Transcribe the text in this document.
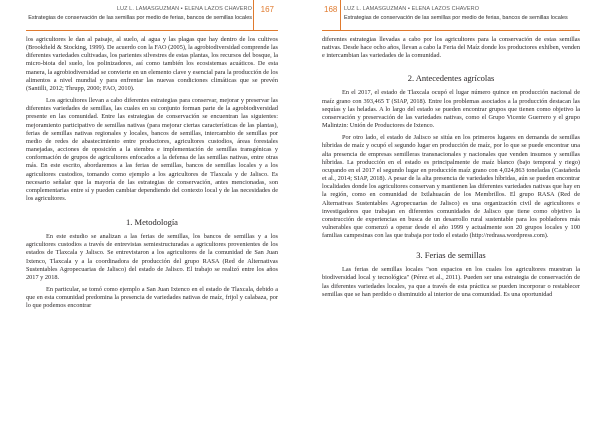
LUZ L. LAMASGUZMAN ▪ ELENA LAZOS CHAVERO
Estrategias de conservación de las semillas por medio de ferias, bancos de semillas locales
167

los agricultores le dan al paisaje, al suelo, al agua y las plagas que hay dentro de los cultivos (Brookfield & Stocking, 1999). De acuerdo con la FAO (2005), la agrobiodiversidad comprende las diferentes variedades cultivadas, los parientes silvestres de estas plantas, los recursos del bosque, la micro-biota del suelo, los polinizadores, así como también los ecosistemas acuáticos. De esta manera, la agrobiodiversidad se convierte en un elemento clave y esencial para la producción de los alimentos a nivel mundial y para enfrentar las nuevas condiciones climáticas que se prevén (Santilli, 2012; Thrupp, 2000; FAO, 2010).

Los agricultores llevan a cabo diferentes estrategias para conservar, mejorar y preservar las diferentes variedades de semillas, las cuales en su conjunto forman parte de la agrobiodiversidad presente en las comunidad. Entre las estrategias de conservación se encuentran las siguientes: mejoramiento participativo de semillas nativas (para mejorar ciertas características de las plantas), ferias de semillas nativas regionales y locales, bancos de semillas, intercambio de semillas por medio de redes de abastecimiento entre productores, agricultores custodios, áreas forestales manejadas, acciones de oposición a la siembra e implementación de semillas transgénicas y conformación de grupos de agricultores enfocados a la defensa de las semillas nativas, entre otras más. En este escrito, abordaremos a las ferias de semillas, bancos de semillas locales y a los agricultores custodios, tomando como ejemplo a los agricultores de Tlaxcala y de Jalisco. Es necesario señalar que la mayoría de las estrategias de conservación, antes mencionadas, son complementarias entre sí y pueden cambiar dependiendo del contexto local y de las necesidades de los agricultores.

1. Metodología

En este estudio se analizan a las ferias de semillas, los bancos de semillas y a los agricultores custodios a través de entrevistas semiestructuradas a agricultores provenientes de los estados de Tlaxcala y Jalisco. Se entrevistaron a los agricultores de la comunidad de San Juan Ixtenco, Tlaxcala y a la coordinadora de producción del grupo RASA (Red de Alternativas Sustentables Agropecuarias de Jalisco) del estado de Jalisco. El trabajo se realizó entre los años 2017 y 2018.

En particular, se tomó como ejemplo a San Juan Ixtenco en el estado de Tlaxcala, debido a que en esta comunidad predomina la presencia de variedades nativas de maíz, frijol y calabaza, por lo que podemos encontrar

168 LUZ L. LAMASGUZMAN ▪ ELENA LAZOS CHAVERO
Estrategias de conservación de las semillas por medio de ferias, bancos de semillas locales

diferentes estrategias llevadas a cabo por los agricultores para la conservación de estas semillas nativas. Desde hace ocho años, llevan a cabo la Feria del Maíz donde los productores exhiben, venden e intercambian las variedades de la comunidad.

2. Antecedentes agrícolas

En el 2017, el estado de Tlaxcala ocupó el lugar número quince en producción nacional de maíz grano con 393,465 T (SIAP, 2018). Entre los problemas asociados a la producción destacan las sequías y las heladas. A lo largo del estado se pueden encontrar grupos que tienen como objetivo la conservación y preservación de las variedades nativas, como el Grupo Vicente Guerrero y el grupo Malintzin: Unión de Productores de Ixtenco.

Por otro lado, el estado de Jalisco se sitúa en los primeros lugares en demanda de semillas híbridas de maíz y ocupó el segundo lugar en producción de maíz, por lo que se puede encontrar una alta presencia de empresas semilleras transnacionales y nacionales que venden insumos y semillas híbridas. La producción en el estado es principalmente de maíz blanco (bajo temporal y riego) ocupando en el 2017 el segundo lugar en producción maíz grano con 4,024,863 toneladas (Castañeda et al., 2014; SIAP, 2018). A pesar de la alta presencia de variedades híbridas, aún se pueden encontrar localidades donde los agricultores conservan y mantienen las diferentes variedades nativas que hay en la región, como en comunidad de Ixtlahuacán de los Membrillos. El grupo RASA (Red de Alternativas Sustentables Agropecuarias de Jalisco) es una organización civil de agricultores e investigadores que trabajan en diferentes comunidades de Jalisco que tiene como objetivo la construcción de experiencias en busca de un desarrollo rural sustentable para los pobladores más vulnerables que comenzó a operar desde el año 1999 y actualmente son 20 grupos locales y 100 familias campesinas con las que trabaja por todo el estado (http://redrasa.wordpress.com).

3. Ferias de semillas

Las ferias de semillas locales "son espacios en los cuales los agricultores muestran la biodiversidad local y tecnológica" (Pérez et al., 2011). Pueden ser una estrategia de conservación de las diferentes variedades locales, ya que a través de esta práctica se pueden incorporar o restablecer semillas que se han perdido o disminuido al interior de una comunidad. Es una oportunidad
